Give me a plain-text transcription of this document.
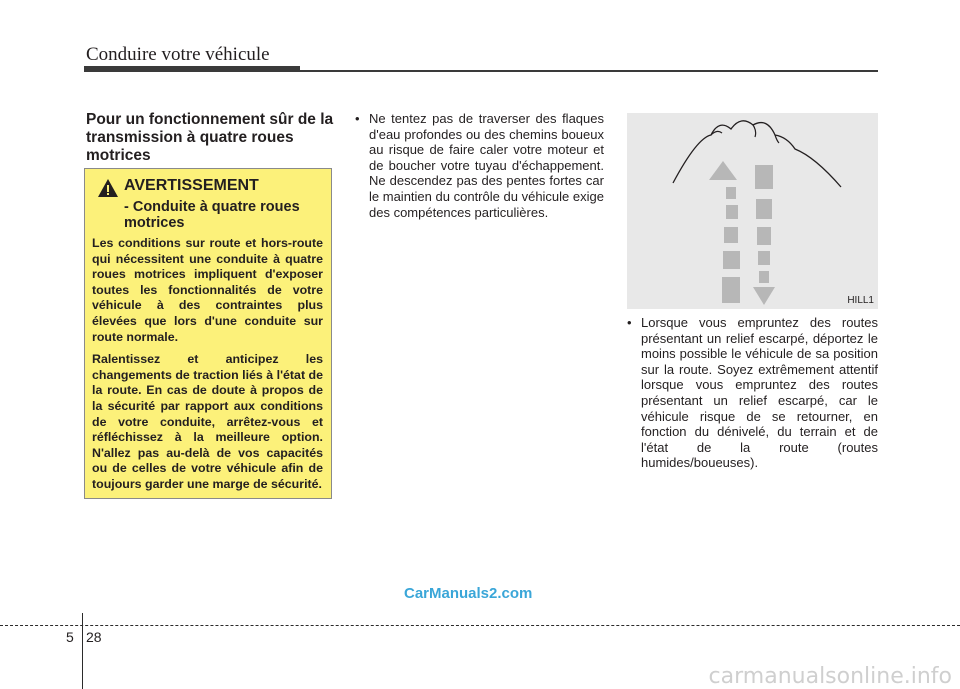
Conduire votre véhicule
Pour un fonctionnement sûr de la transmission à quatre roues motrices
AVERTISSEMENT
- Conduite à quatre roues motrices
Les conditions sur route et hors-route qui nécessitent une conduite à quatre roues motrices impliquent d'exposer toutes les fonctionnalités de votre véhicule à des contraintes plus élevées que lors d'une conduite sur route normale.
Ralentissez et anticipez les changements de traction liés à l'état de la route. En cas de doute à propos de la sécurité par rapport aux conditions de votre conduite, arrêtez-vous et réfléchissez à la meilleure option. N'allez pas au-delà de vos capacités ou de celles de votre véhicule afin de toujours garder une marge de sécurité.
• Ne tentez pas de traverser des flaques d'eau profondes ou des chemins boueux au risque de faire caler votre moteur et de boucher votre tuyau d'échappement. Ne descendez pas des pentes fortes car le maintien du contrôle du véhicule exige des compétences particulières.
HILL1
• Lorsque vous empruntez des routes présentant un relief escarpé, déportez le moins possible le véhicule de sa position sur la route. Soyez extrêmement attentif lorsque vous empruntez des routes présentant un relief escarpé, car le véhicule risque de se retourner, en fonction du dénivelé, du terrain et de l'état de la route (routes humides/boueuses).
CarManuals2.com
5 28
carmanualsonline.info
